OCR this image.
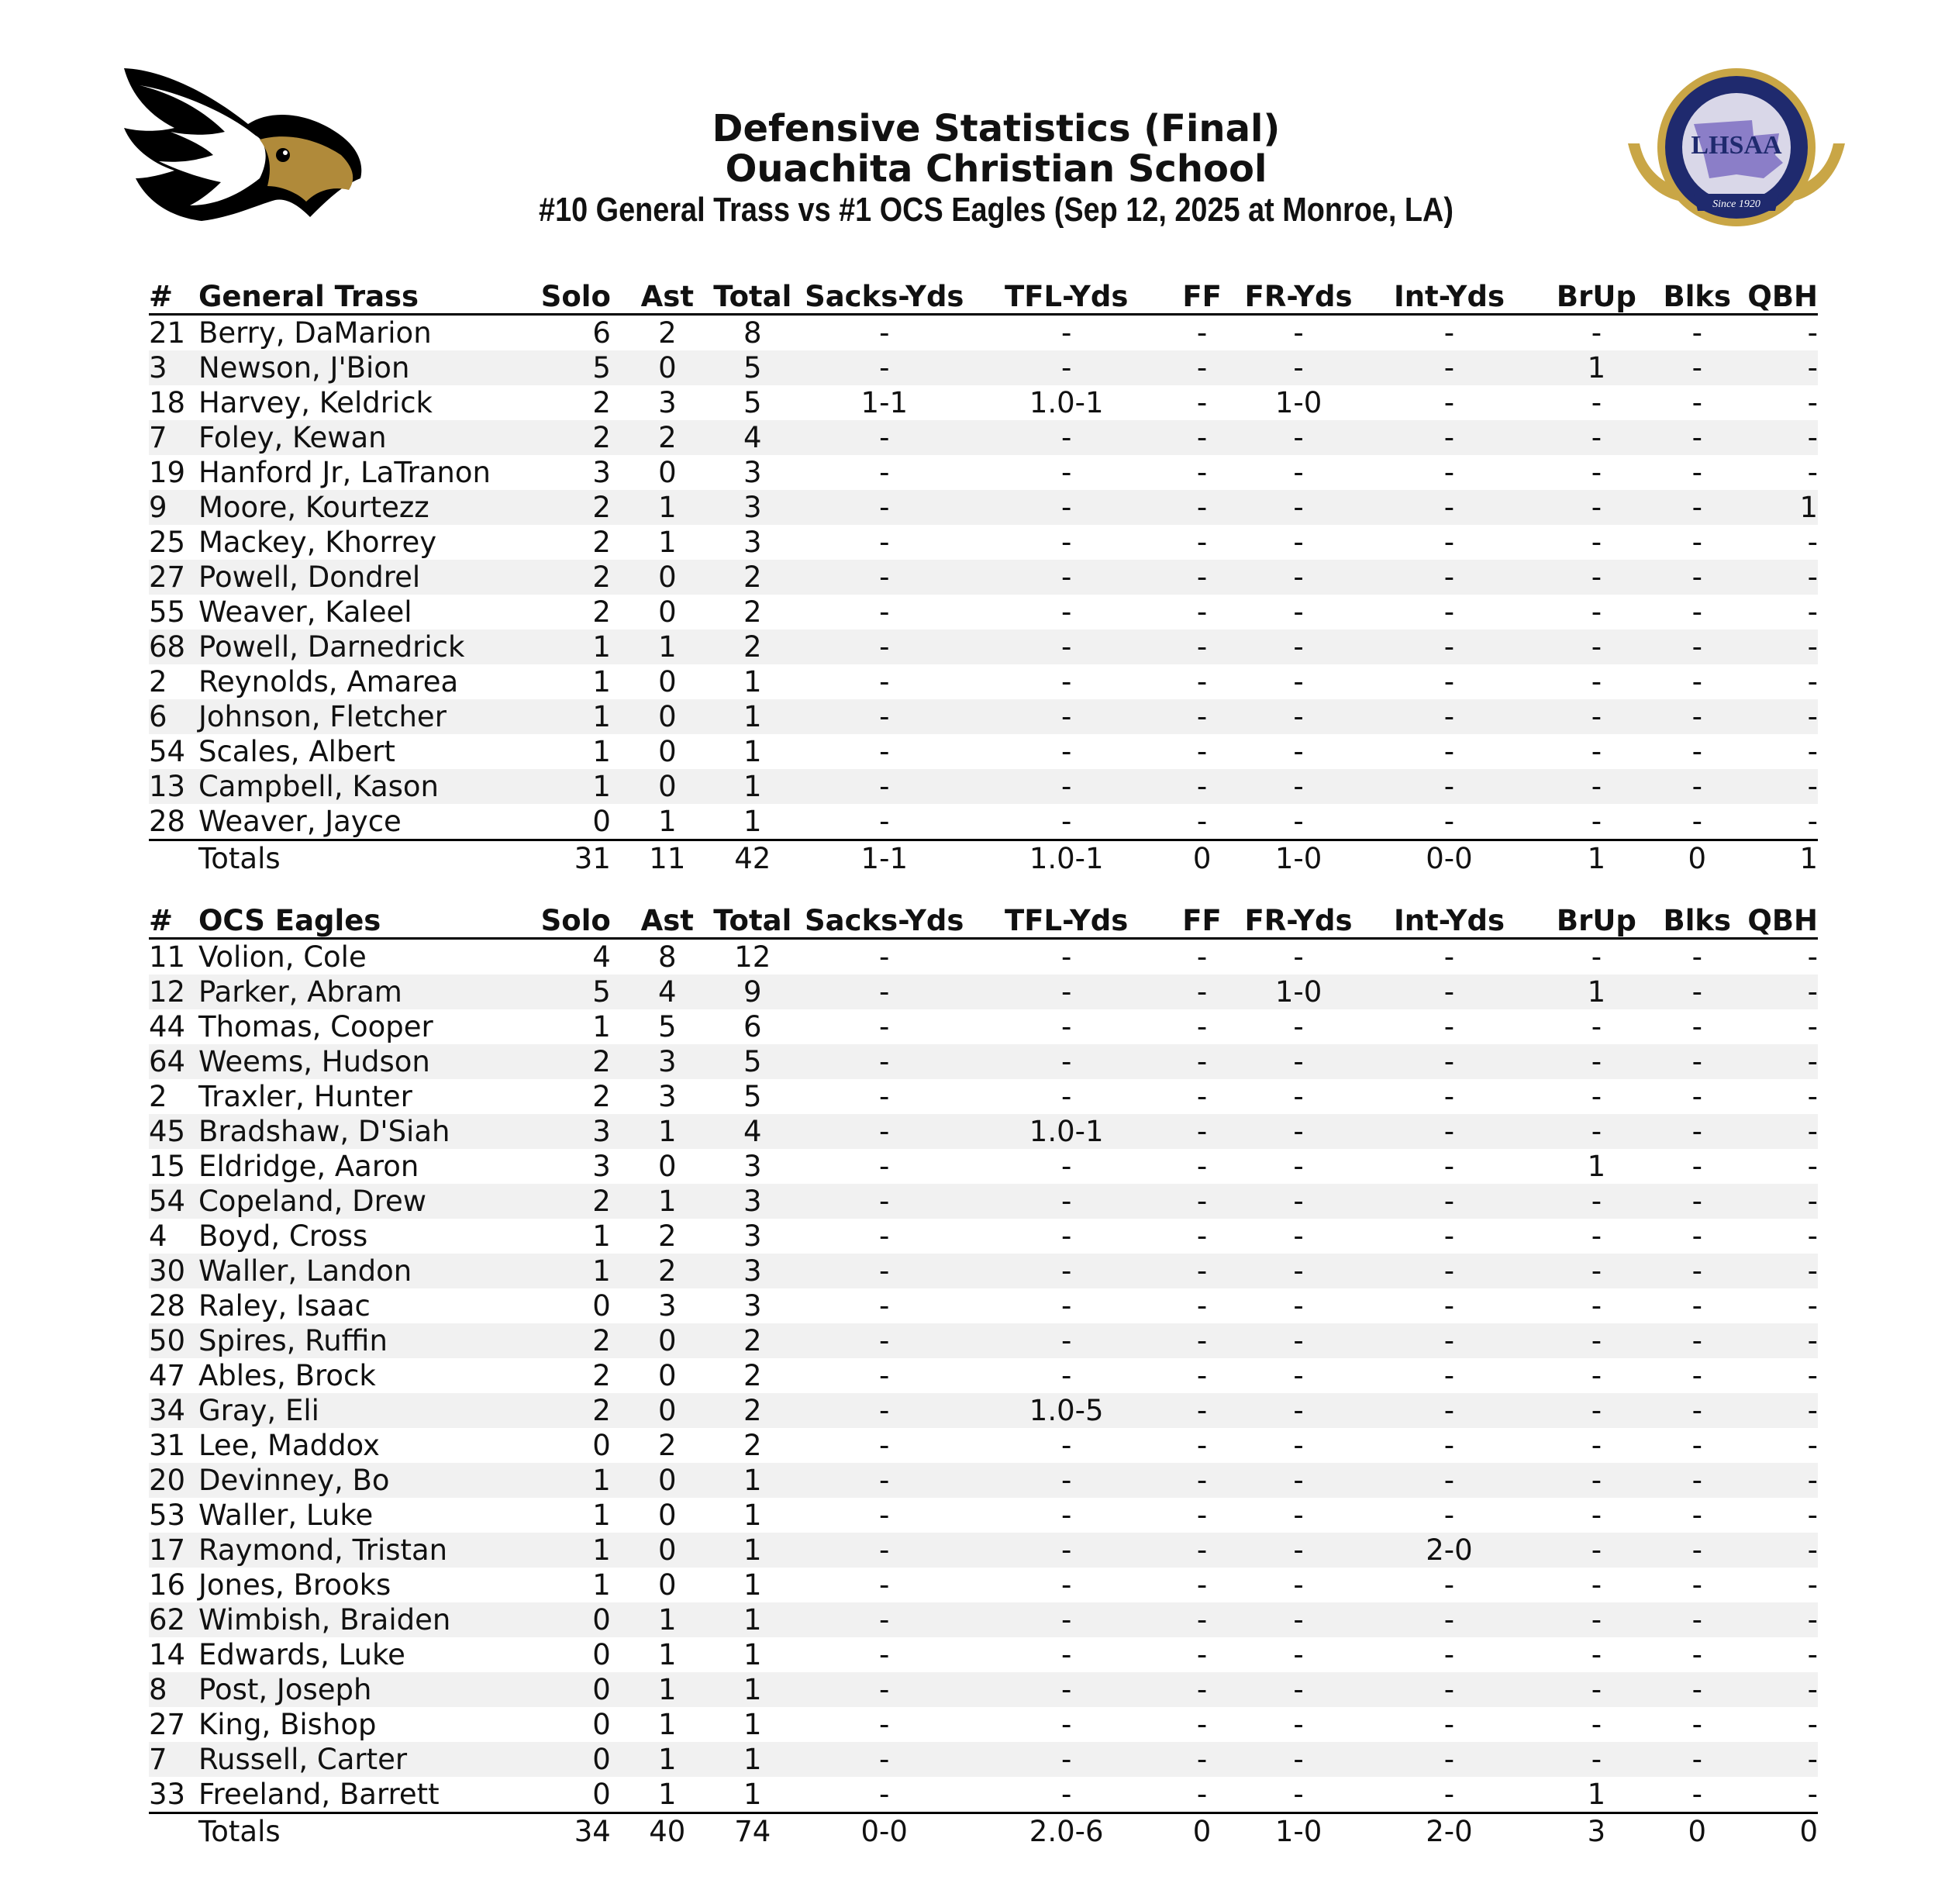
Defensive Statistics (Final)
Ouachita Christian School
#10 General Trass vs #1 OCS Eagles (Sep 12, 2025 at Monroe, LA)
LHSAA
Since 1920
#	General Trass	Solo	Ast	Total	Sacks-Yds	TFL-Yds	FF	FR-Yds	Int-Yds	BrUp	Blks	QBH
21	Berry, DaMarion	6	2	8	-	-	-	-	-	-	-	-
3	Newson, J'Bion	5	0	5	-	-	-	-	-	1	-	-
18	Harvey, Keldrick	2	3	5	1-1	1.0-1	-	1-0	-	-	-	-
7	Foley, Kewan	2	2	4	-	-	-	-	-	-	-	-
19	Hanford Jr, LaTranon	3	0	3	-	-	-	-	-	-	-	-
9	Moore, Kourtezz	2	1	3	-	-	-	-	-	-	-	1
25	Mackey, Khorrey	2	1	3	-	-	-	-	-	-	-	-
27	Powell, Dondrel	2	0	2	-	-	-	-	-	-	-	-
55	Weaver, Kaleel	2	0	2	-	-	-	-	-	-	-	-
68	Powell, Darnedrick	1	1	2	-	-	-	-	-	-	-	-
2	Reynolds, Amarea	1	0	1	-	-	-	-	-	-	-	-
6	Johnson, Fletcher	1	0	1	-	-	-	-	-	-	-	-
54	Scales, Albert	1	0	1	-	-	-	-	-	-	-	-
13	Campbell, Kason	1	0	1	-	-	-	-	-	-	-	-
28	Weaver, Jayce	0	1	1	-	-	-	-	-	-	-	-
	Totals	31	11	42	1-1	1.0-1	0	1-0	0-0	1	0	1
#	OCS Eagles	Solo	Ast	Total	Sacks-Yds	TFL-Yds	FF	FR-Yds	Int-Yds	BrUp	Blks	QBH
11	Volion, Cole	4	8	12	-	-	-	-	-	-	-	-
12	Parker, Abram	5	4	9	-	-	-	1-0	-	1	-	-
44	Thomas, Cooper	1	5	6	-	-	-	-	-	-	-	-
64	Weems, Hudson	2	3	5	-	-	-	-	-	-	-	-
2	Traxler, Hunter	2	3	5	-	-	-	-	-	-	-	-
45	Bradshaw, D'Siah	3	1	4	-	1.0-1	-	-	-	-	-	-
15	Eldridge, Aaron	3	0	3	-	-	-	-	-	1	-	-
54	Copeland, Drew	2	1	3	-	-	-	-	-	-	-	-
4	Boyd, Cross	1	2	3	-	-	-	-	-	-	-	-
30	Waller, Landon	1	2	3	-	-	-	-	-	-	-	-
28	Raley, Isaac	0	3	3	-	-	-	-	-	-	-	-
50	Spires, Ruffin	2	0	2	-	-	-	-	-	-	-	-
47	Ables, Brock	2	0	2	-	-	-	-	-	-	-	-
34	Gray, Eli	2	0	2	-	1.0-5	-	-	-	-	-	-
31	Lee, Maddox	0	2	2	-	-	-	-	-	-	-	-
20	Devinney, Bo	1	0	1	-	-	-	-	-	-	-	-
53	Waller, Luke	1	0	1	-	-	-	-	-	-	-	-
17	Raymond, Tristan	1	0	1	-	-	-	-	2-0	-	-	-
16	Jones, Brooks	1	0	1	-	-	-	-	-	-	-	-
62	Wimbish, Braiden	0	1	1	-	-	-	-	-	-	-	-
14	Edwards, Luke	0	1	1	-	-	-	-	-	-	-	-
8	Post, Joseph	0	1	1	-	-	-	-	-	-	-	-
27	King, Bishop	0	1	1	-	-	-	-	-	-	-	-
7	Russell, Carter	0	1	1	-	-	-	-	-	-	-	-
33	Freeland, Barrett	0	1	1	-	-	-	-	-	1	-	-
	Totals	34	40	74	0-0	2.0-6	0	1-0	2-0	3	0	0
